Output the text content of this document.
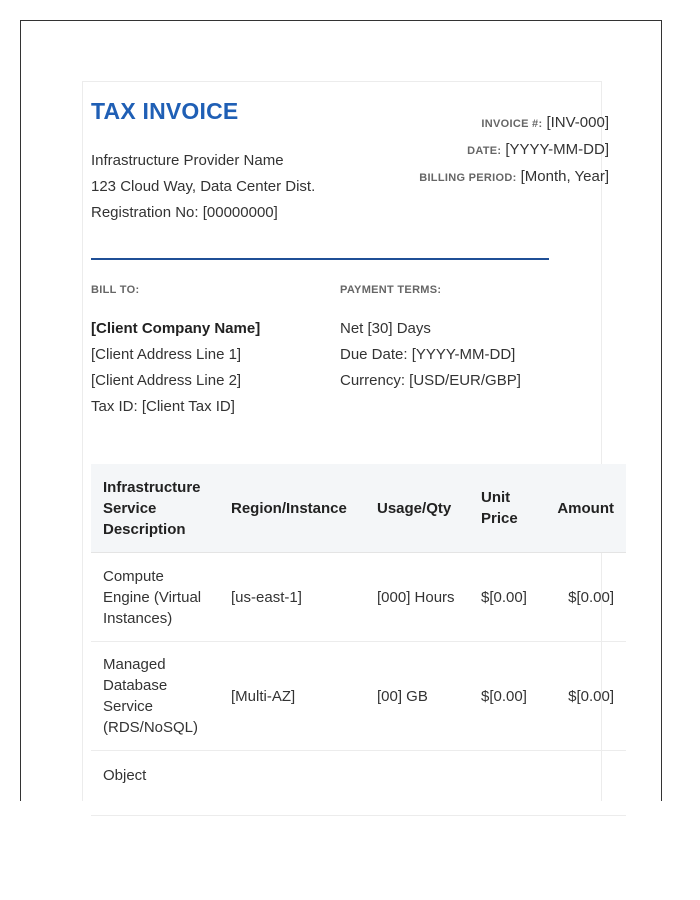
TAX INVOICE
Infrastructure Provider Name
123 Cloud Way, Data Center Dist.
Registration No: [00000000]
INVOICE #: [INV-000]
DATE: [YYYY-MM-DD]
BILLING PERIOD: [Month, Year]
BILL TO:	PAYMENT TERMS:
[Client Company Name]
[Client Address Line 1]
[Client Address Line 2]
Tax ID: [Client Tax ID]
Net [30] Days
Due Date: [YYYY-MM-DD]
Currency: [USD/EUR/GBP]
Infrastructure Service Description	Region/Instance	Usage/Qty	Unit Price	Amount
Compute Engine (Virtual Instances)	[us-east-1]	[000] Hours	$[0.00]	$[0.00]
Managed Database Service (RDS/NoSQL)	[Multi-AZ]	[00] GB	$[0.00]	$[0.00]
Object				
